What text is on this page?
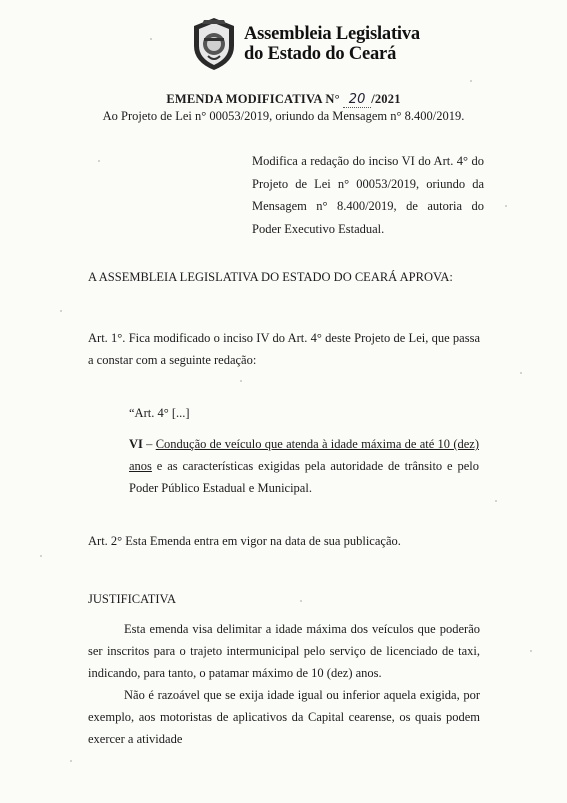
Assembleia Legislativa
do Estado do Ceará
EMENDA MODIFICATIVA N° 20 /2021
Ao Projeto de Lei n° 00053/2019, oriundo da Mensagem n° 8.400/2019.
Modifica a redação do inciso VI do Art. 4° do Projeto de Lei n° 00053/2019, oriundo da Mensagem n° 8.400/2019, de autoria do Poder Executivo Estadual.
A ASSEMBLEIA LEGISLATIVA DO ESTADO DO CEARÁ APROVA:
Art. 1°. Fica modificado o inciso IV do Art. 4° deste Projeto de Lei, que passa a constar com a seguinte redação:
“Art. 4° [...]
VI – Condução de veículo que atenda à idade máxima de até 10 (dez) anos e as características exigidas pela autoridade de trânsito e pelo Poder Público Estadual e Municipal.
Art. 2° Esta Emenda entra em vigor na data de sua publicação.
JUSTIFICATIVA
Esta emenda visa delimitar a idade máxima dos veículos que poderão ser inscritos para o trajeto intermunicipal pelo serviço de licenciado de taxi, indicando, para tanto, o patamar máximo de 10 (dez) anos.
Não é razoável que se exija idade igual ou inferior aquela exigida, por exemplo, aos motoristas de aplicativos da Capital cearense, os quais podem exercer a atividade
